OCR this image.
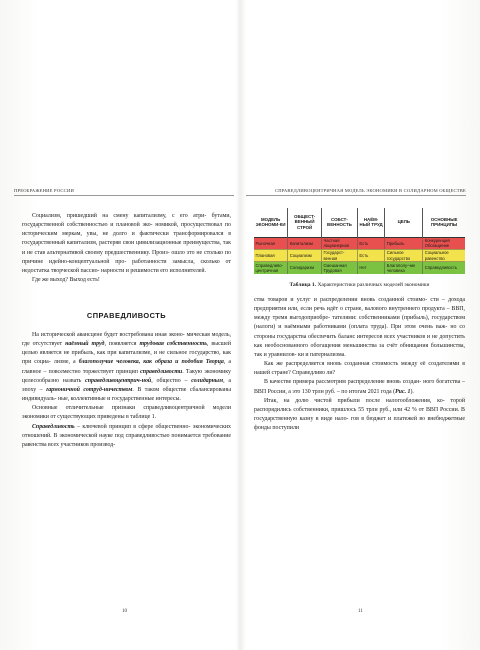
ПРЕОБРАЖЕНИЕ РОССИИ

Социализм, пришедший на смену капитализму, с его атри- бутами, государственной собственностью и плановой эко- номикой, просуществовал по историческим меркам, увы, не долго и фактически трансформировался в государственный капитализм, растеряв свои цивилизационные преимущества, так и не став альтернативой своему предшественнику. Произ- ошло это не столько по причине идейно-концептуальной про- работанности замысла, сколько от недостатка творческой пассио- нарности и решимости его исполнителей.

Где же выход? Выход есть!

СПРАВЕДЛИВОСТЬ

На исторической авансцене будет востребована иная эконо- мическая модель, где отсутствует наёмный труд, появляется трудовая собственность, высшей целью является не прибыль, как при капитализме, и не сильное государство, как при социа- лизме, а благополучие человека, как образа и подобия Творца, а главное – повсеместно торжествует принцип справедливости. Такую экономику целесообразно назвать справедливоцентрич-ной, общество – солидарным, а эпоху – гармоничной сотруд-ничеством. В таком обществе сбалансированы индивидуаль- ные, коллективные и государственные интересы.

Основные отличительные признаки справедливоцентричной модели экономики от существующих приведены в таблице 1.

Справедливость – ключевой принцип в сфере общественно- экономических отношений. В экономической науке под справедливостью понимается требование равенства всех участников производ-

10
СПРАВЕДЛИВОЦЕНТРИЧНАЯ МОДЕЛЬ ЭКОНОМИКИ В СОЛИДАРНОМ ОБЩЕСТВЕ
МОДЕЛЬ ЭКОНОМИ-КИ	ОБЩЕСТ-ВЕННЫЙ СТРОЙ	СОБСТ-ВЕННОСТЬ	НАЁМ-НЫЙ ТРУД	ЦЕЛЬ	ОСНОВНЫЕ ПРИНЦИПЫ
Рыночная	Капитализм	Частная Акционерная	Есть	Прибыль	Конкуренция Обогащение
Плановая	Социализм	Государст-венная	Есть	Сильное государство	Социальное равенство
Справедливо-центричная	Солидаризм	Смешанная Трудовая	Нет	Благополу-чие человека	Справедливость
Таблица 1. Характеристики различных моделей экономики

ства товаров и услуг и распределении вновь созданной стоимо- сти – дохода предприятия или, если речь идёт о стране, валового внутреннего продукта – ВВП, между тремя выгодоприобре- тателями: собственниками (прибыль), государством (налоги) и наёмными работниками (оплата труда). При этом очень важ- но со стороны государства обеспечить баланс интересов всех участников и не допустить как необоснованного обогащения меньшинства за счёт обнищания большинства, так и уравнилов- ки и патернализма.

Как же распределяется вновь созданная стоимость между её создателями в нашей стране? Справедливо ли?

В качестве примера рассмотрим распределение вновь создан- ного богатства – ВВП России, а это 130 трлн руб. – по итогам 2021 года (Рис. 1).

Итак, на долю чистой прибыли после налогообложения, ко- торой распорядились собственники, пришлось 55 трлн руб., или 42 % от ВВП России. В государственную казну в виде нало- гов в бюджет и платежей во внебюджетные фонды поступили

11
